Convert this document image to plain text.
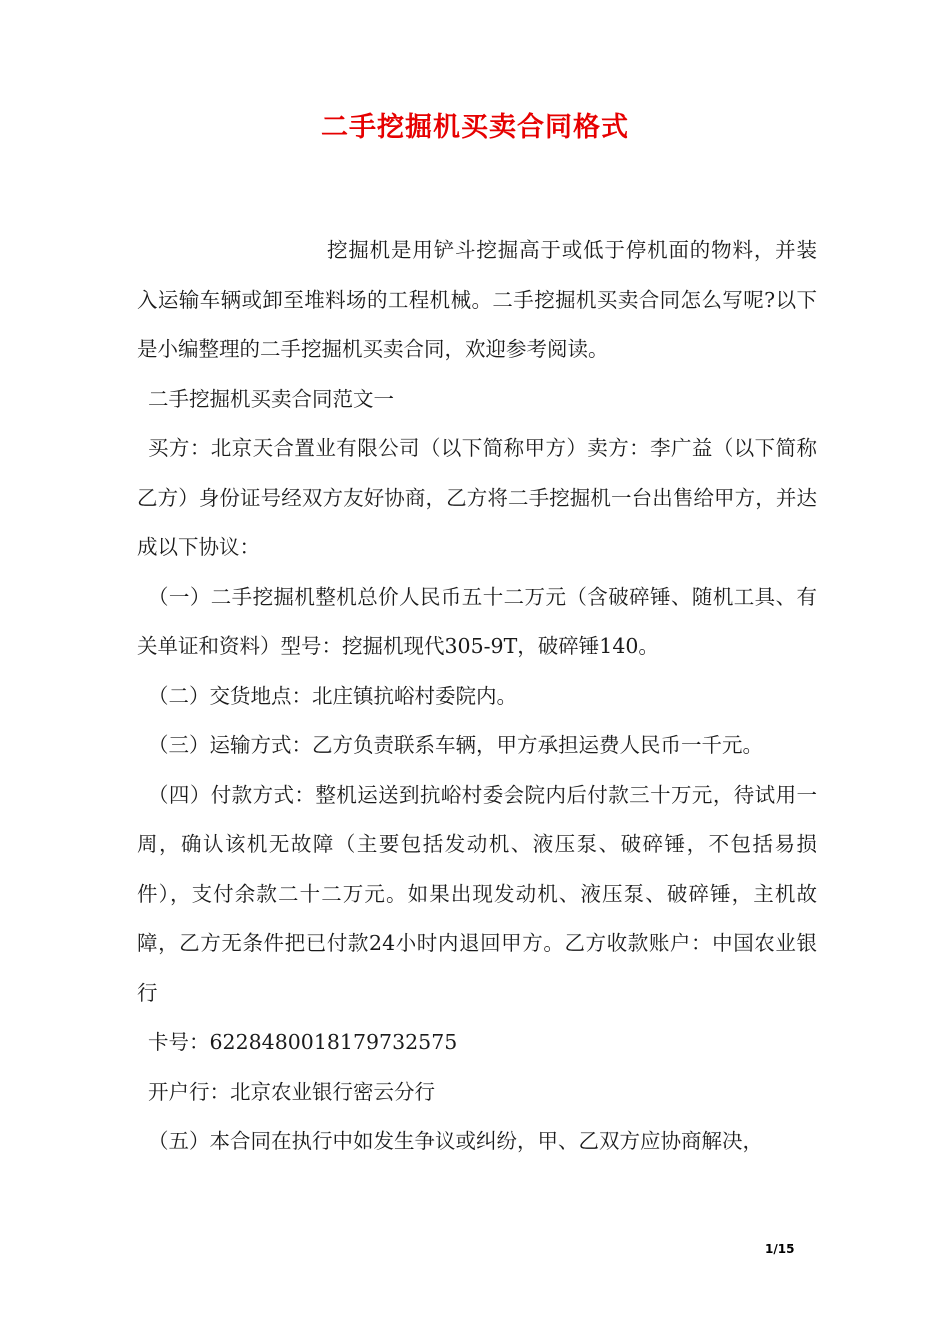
二手挖掘机买卖合同格式

挖掘机是用铲斗挖掘高于或低于停机面的物料，并装入运输车辆或卸至堆料场的工程机械。二手挖掘机买卖合同怎么写呢?以下是小编整理的二手挖掘机买卖合同，欢迎参考阅读。

二手挖掘机买卖合同范文一

买方：北京天合置业有限公司（以下简称甲方）卖方：李广益（以下简称乙方）身份证号经双方友好协商，乙方将二手挖掘机一台出售给甲方，并达成以下协议：

（一）二手挖掘机整机总价人民币五十二万元（含破碎锤、随机工具、有关单证和资料）型号：挖掘机现代305-9T，破碎锤140。

（二）交货地点：北庄镇抗峪村委院内。

（三）运输方式：乙方负责联系车辆，甲方承担运费人民币一千元。

（四）付款方式：整机运送到抗峪村委会院内后付款三十万元，待试用一周，确认该机无故障（主要包括发动机、液压泵、破碎锤，不包括易损件），支付余款二十二万元。如果出现发动机、液压泵、破碎锤，主机故障，乙方无条件把已付款24小时内退回甲方。乙方收款账户：中国农业银行

卡号：6228480018179732575

开户行：北京农业银行密云分行

（五）本合同在执行中如发生争议或纠纷，甲、乙双方应协商解决，

1/15
